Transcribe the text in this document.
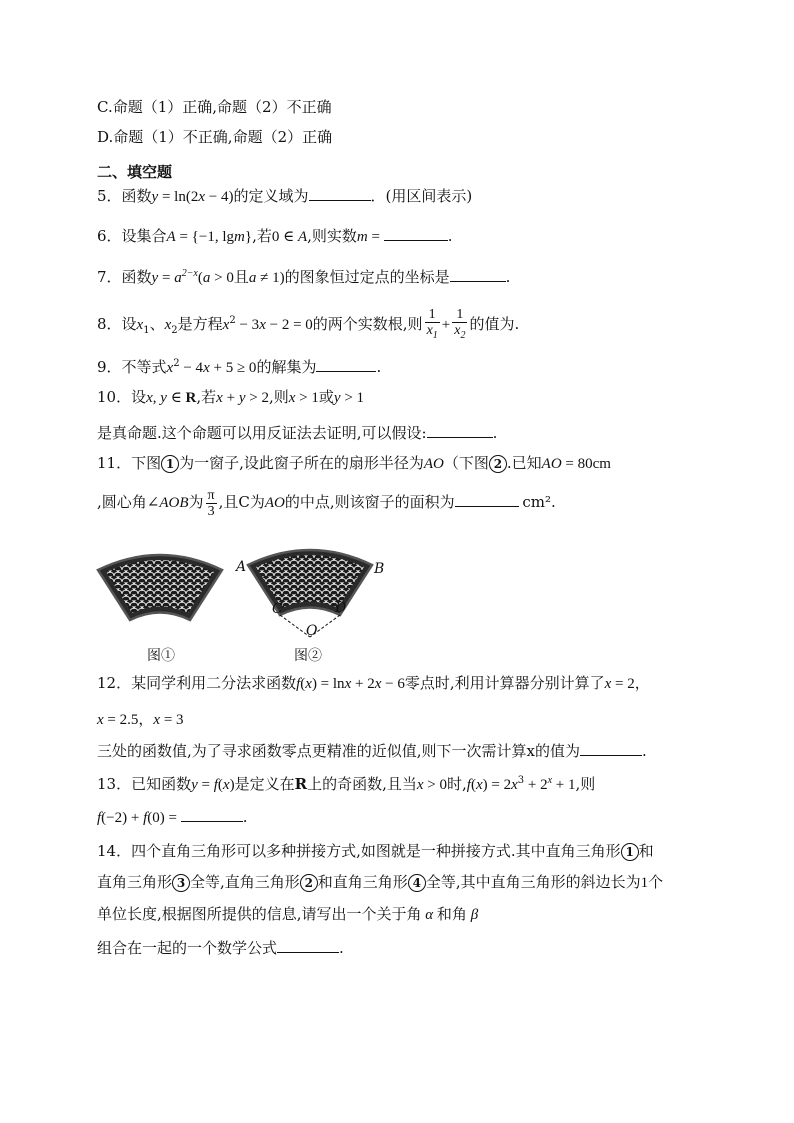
C.命题（1）正确,命题（2）不正确
D.命题（1）不正确,命题（2）正确
二、填空题
5．函数y = ln(2x − 4)的定义域为	．(用区间表示)
6．设集合A = {−1, lgm},若0 ∈ A,则实数m =	.
7．函数$y = a^{2-x}(a > 0$且a ≠ 1)的图象恒过定点的坐标是	.
8．设$x_1$、$x_2$是方程$x^2 - 3x - 2 = 0$的两个实数根,则 $\frac{1}{x_1} + \frac{1}{x_2}$ 的值为.
9．不等式$x^2 - 4x + 5 \ge 0$的解集为	.
10．设x, y ∈ R,若x + y > 2,则x > 1或y > 1
是真命题.这个命题可以用反证法去证明,可以假设:	.
11．下图 1 为一窗子,设此窗子所在的扇形半径为AO（下图 2 .已知AO = 80cm
,圆心角∠AOB为 $\frac{\pi}{3}$ ,且C为AO的中点,则该窗子的面积为	cm².
A	B
C	D
O
图①	图②
12．某同学利用二分法求函数f(x) = lnx + 2x − 6零点时,利用计算器分别计算了x = 2，
x = 2.5，x = 3
三处的函数值,为了寻求函数零点更精准的近似值,则下一次需计算x的值为	.
13．已知函数y = f(x)是定义在R上的奇函数,且当x > 0时$,f(x) = 2x^3 + 2^x + 1$,则
f(−2) + f(0) =	.
14．四个直角三角形可以多种拼接方式,如图就是一种拼接方式.其中直角三角形 1 和
直角三角形 3 全等,直角三角形 2 和直角三角形 4 全等,其中直角三角形的斜边长为1个
单位长度,根据图所提供的信息,请写出一个关于角 α 和角 β
组合在一起的一个数学公式	.
